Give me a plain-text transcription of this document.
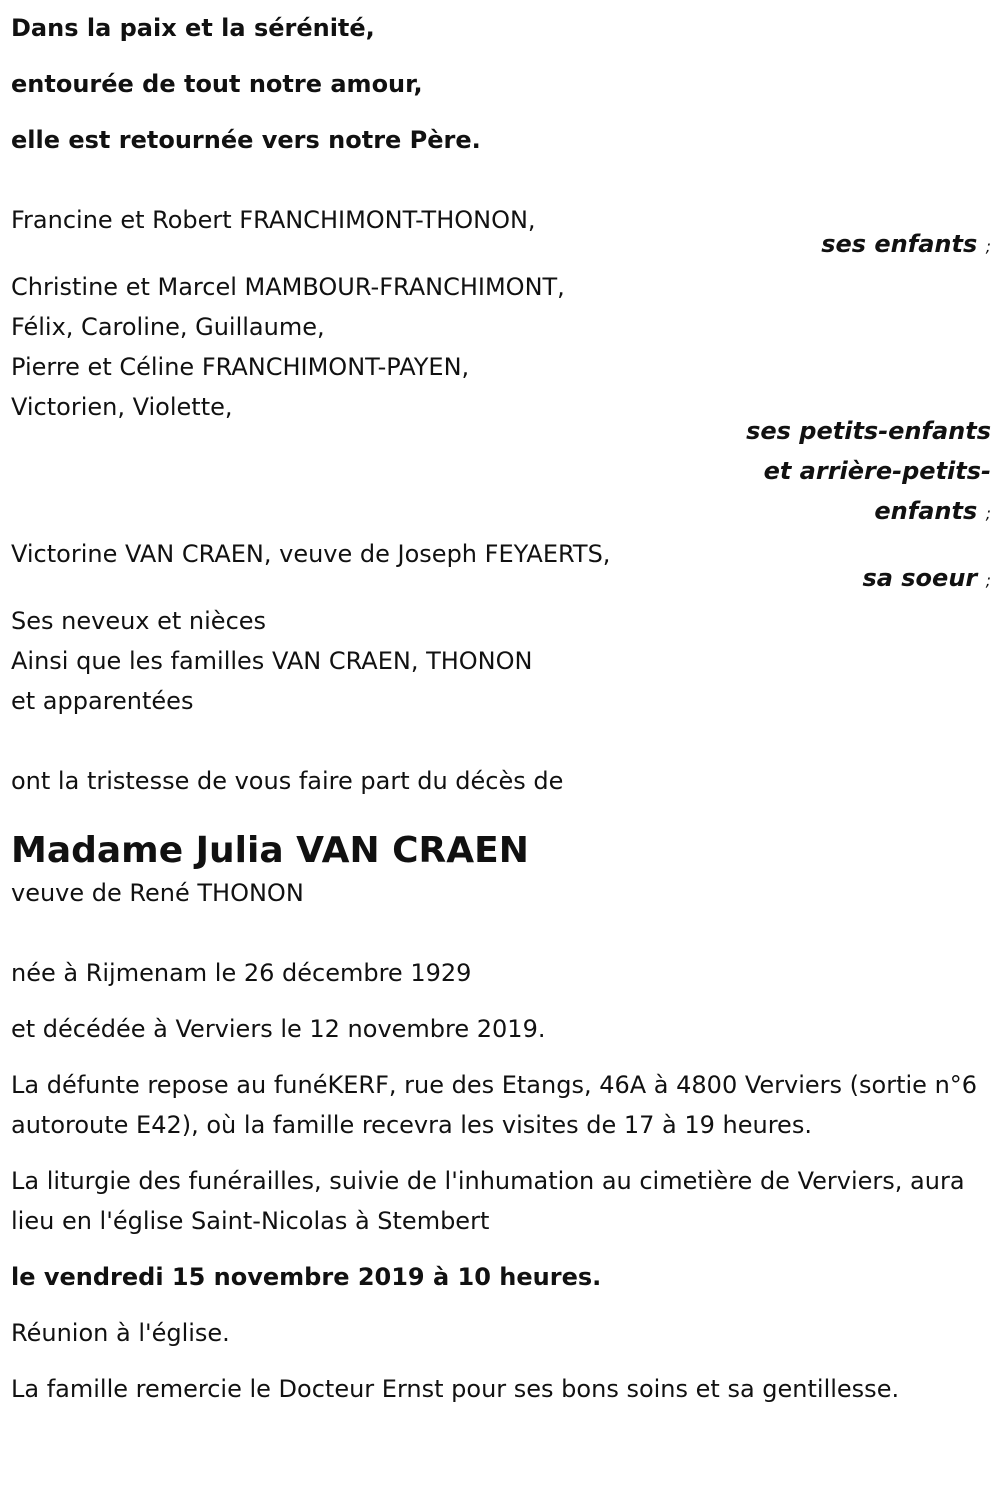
Dans la paix et la sérénité,

entourée de tout notre amour,

elle est retournée vers notre Père.

Francine et Robert FRANCHIMONT-THONON,

ses enfants ;

Christine et Marcel MAMBOUR-FRANCHIMONT,

Félix, Caroline, Guillaume,

Pierre et Céline FRANCHIMONT-PAYEN,

Victorien, Violette,

ses petits-enfants
et arrière-petits-
enfants ;

Victorine VAN CRAEN, veuve de Joseph FEYAERTS,

sa soeur ;

Ses neveux et nièces

Ainsi que les familles VAN CRAEN, THONON

et apparentées

ont la tristesse de vous faire part du décès de

Madame Julia VAN CRAEN

veuve de René THONON

née à Rijmenam le 26 décembre 1929

et décédée à Verviers le 12 novembre 2019.

La défunte repose au funéKERF, rue des Etangs, 46A à 4800 Verviers (sortie n°6 autoroute E42), où la famille recevra les visites de 17 à 19 heures.

La liturgie des funérailles, suivie de l'inhumation au cimetière de Verviers, aura lieu en l'église Saint-Nicolas à Stembert

le vendredi 15 novembre 2019 à 10 heures.

Réunion à l'église.

La famille remercie le Docteur Ernst pour ses bons soins et sa gentillesse.
